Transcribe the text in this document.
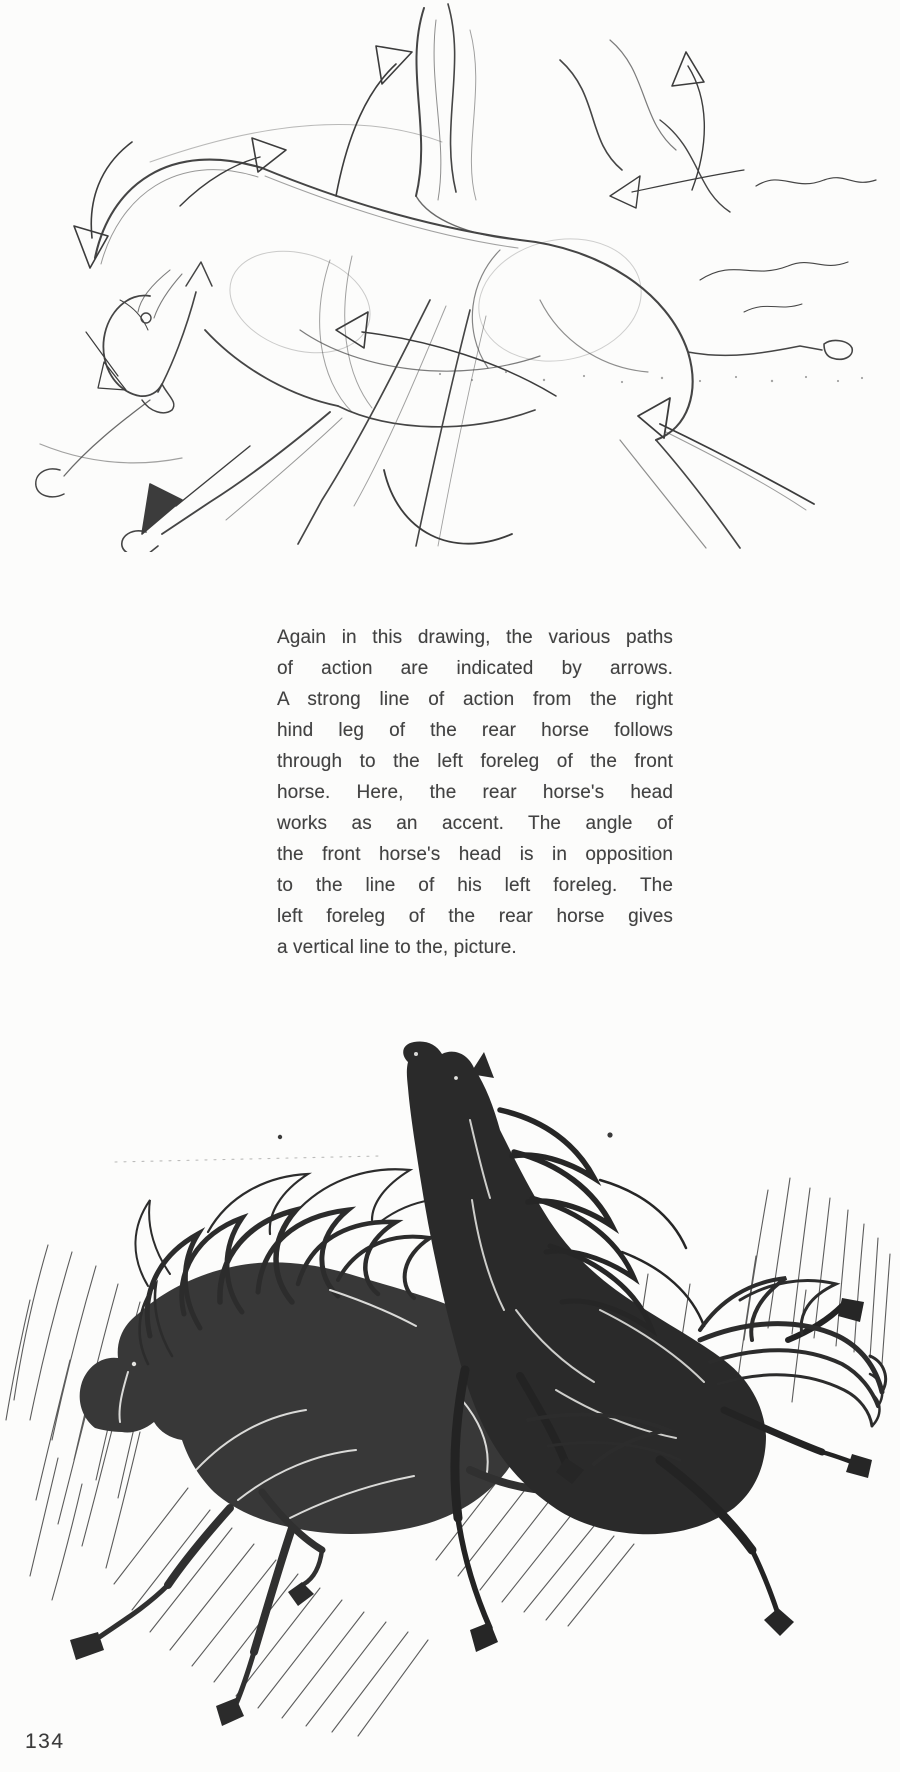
Again in this drawing, the various paths
of action are indicated by arrows.
A strong line of action from the right
hind leg of the rear horse follows
through to the left foreleg of the front
horse. Here, the rear horse's head
works as an accent. The angle of
the front horse's head is in opposition
to the line of his left foreleg. The
left foreleg of the rear horse gives
a vertical line to the, picture.
134
